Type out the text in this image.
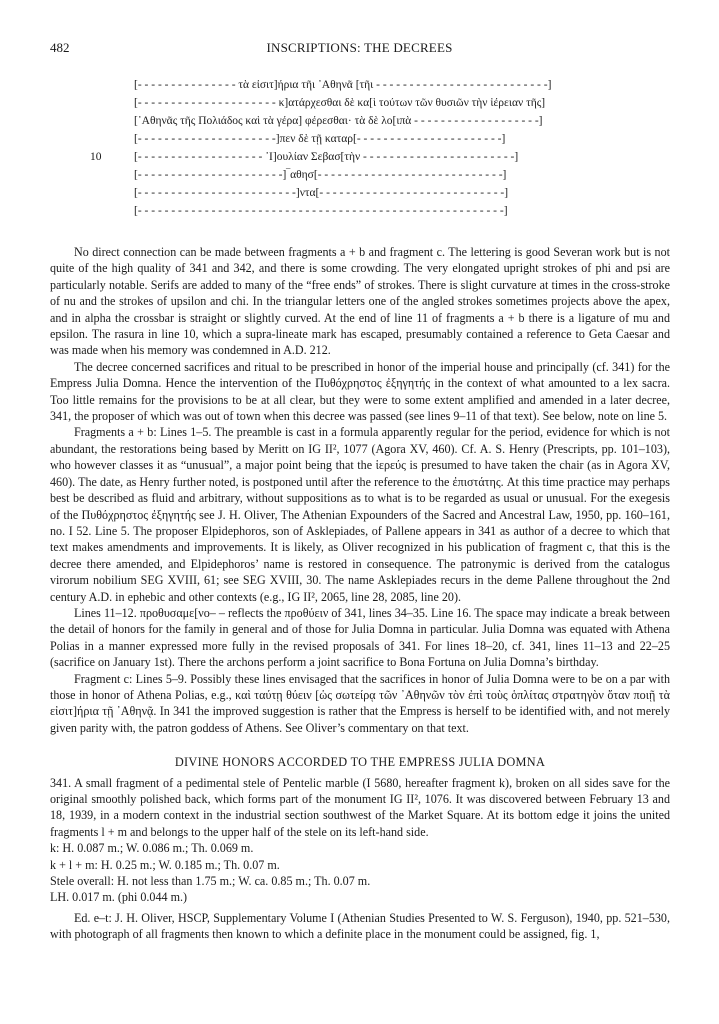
482	INSCRIPTIONS: THE DECREES
[- - - - - - - - - - - - - - - τὰ εἰσιτ]ήρια τῆι ᾿Αθηνᾶ [τῆι - - - - - - - - - - - - - - - - - - - - - - - - - -]
[- - - - - - - - - - - - - - - - - - - - - κ]ατάρχεσθαι δὲ κα[ὶ τούτων τῶν θυσιῶν τὴν ἱέρειαν τῆς]
[᾿Αθηνᾶς τῆς Πολιάδος καὶ τὰ γέρα] φέρεσθαι· τὰ δὲ λο[ιπὰ - - - - - - - - - - - - - - - - - - -]
[- - - - - - - - - - - - - - - - - - - - -]πεν δὲ τῇ καταρ[- - - - - - - - - - - - - - - - - - - - - -]
10	[- - - - - - - - - - - - - - - - - - - ᾿Ι]ουλίαν Σεβασ[τὴν - - - - - - - - - - - - - - - - - - - - - - -]
[- - - - - - - - - - - - - - - - - - - - - -]‾αθησ[- - - - - - - - - - - - - - - - - - - - - - - - - - - -]
[- - - - - - - - - - - - - - - - - - - - - - - -]ντα[- - - - - - - - - - - - - - - - - - - - - - - - - - - -]
[- - - - - - - - - - - - - - - - - - - - - - - - - - - - - - - - - - - - - - - - - - - - - - - - - - - - - - -]

No direct connection can be made between fragments a + b and fragment c. The lettering is good Severan work but is not quite of the high quality of 341 and 342, and there is some crowding. The very elongated upright strokes of phi and psi are particularly notable. Serifs are added to many of the “free ends” of strokes. There is slight curvature at times in the cross-stroke of nu and the strokes of upsilon and chi. In the triangular letters one of the angled strokes sometimes projects above the apex, and in alpha the crossbar is straight or slightly curved. At the end of line 11 of fragments a + b there is a ligature of mu and epsilon. The rasura in line 10, which a supra-lineate mark has escaped, presumably contained a reference to Geta Caesar and was made when his memory was condemned in A.D. 212.

The decree concerned sacrifices and ritual to be prescribed in honor of the imperial house and principally (cf. 341) for the Empress Julia Domna. Hence the intervention of the Πυθόχρηστος ἐξηγητής in the context of what amounted to a lex sacra. Too little remains for the provisions to be at all clear, but they were to some extent amplified and amended in a later decree, 341, the proposer of which was out of town when this decree was passed (see lines 9–11 of that text). See below, note on line 5.

Fragments a + b: Lines 1–5. The preamble is cast in a formula apparently regular for the period, evidence for which is not abundant, the restorations being based by Meritt on IG II², 1077 (Agora XV, 460). Cf. A. S. Henry (Prescripts, pp. 101–103), who however classes it as “unusual”, a major point being that the ἱερεύς is presumed to have taken the chair (as in Agora XV, 460). The date, as Henry further noted, is postponed until after the reference to the ἐπιστάτης. At this time practice may perhaps best be described as fluid and arbitrary, without suppositions as to what is to be regarded as usual or unusual. For the exegesis of the Πυθόχρηστος ἐξηγητής see J. H. Oliver, The Athenian Expounders of the Sacred and Ancestral Law, 1950, pp. 160–161, no. I 52. Line 5. The proposer Elpidephoros, son of Asklepiades, of Pallene appears in 341 as author of a decree to which that text makes amendments and improvements. It is likely, as Oliver recognized in his publication of fragment c, that this is the decree there amended, and Elpidephoros’ name is restored in consequence. The patronymic is derived from the catalogus virorum nobilium SEG XVIII, 61; see SEG XVIII, 30. The name Asklepiades recurs in the deme Pallene throughout the 2nd century A.D. in ephebic and other contexts (e.g., IG II², 2065, line 28, 2085, line 20).

Lines 11–12. προθυσαμε[νο– – reflects the προθύειν of 341, lines 34–35. Line 16. The space may indicate a break between the detail of honors for the family in general and of those for Julia Domna in particular. Julia Domna was equated with Athena Polias in a manner expressed more fully in the revised proposals of 341. For lines 18–20, cf. 341, lines 11–13 and 22–25 (sacrifice on January 1st). There the archons perform a joint sacrifice to Bona Fortuna on Julia Domna’s birthday.

Fragment c: Lines 5–9. Possibly these lines envisaged that the sacrifices in honor of Julia Domna were to be on a par with those in honor of Athena Polias, e.g., καὶ ταύτῃ θύειν [ὡς σωτείρᾳ τῶν ᾿Αθηνῶν τὸν ἐπὶ τοὺς ὁπλίτας στρατηγὸν ὅταν ποιῇ τὰ εἰσιτ]ήρια τῇ ᾿Αθηνᾷ. In 341 the improved suggestion is rather that the Empress is herself to be identified with, and not merely given parity with, the patron goddess of Athens. See Oliver’s commentary on that text.

DIVINE HONORS ACCORDED TO THE EMPRESS JULIA DOMNA

341. A small fragment of a pedimental stele of Pentelic marble (I 5680, hereafter fragment k), broken on all sides save for the original smoothly polished back, which forms part of the monument IG II², 1076. It was discovered between February 13 and 18, 1939, in a modern context in the industrial section southwest of the Market Square. At its bottom edge it joins the united fragments l + m and belongs to the upper half of the stele on its left-hand side.

k: H. 0.087 m.; W. 0.086 m.; Th. 0.069 m.

k + l + m: H. 0.25 m.; W. 0.185 m.; Th. 0.07 m.

Stele overall: H. not less than 1.75 m.; W. ca. 0.85 m.; Th. 0.07 m.

LH. 0.017 m. (phi 0.044 m.)

Ed. e–t: J. H. Oliver, HSCP, Supplementary Volume I (Athenian Studies Presented to W. S. Ferguson), 1940, pp. 521–530, with photograph of all fragments then known to which a definite place in the monument could be assigned, fig. 1,
